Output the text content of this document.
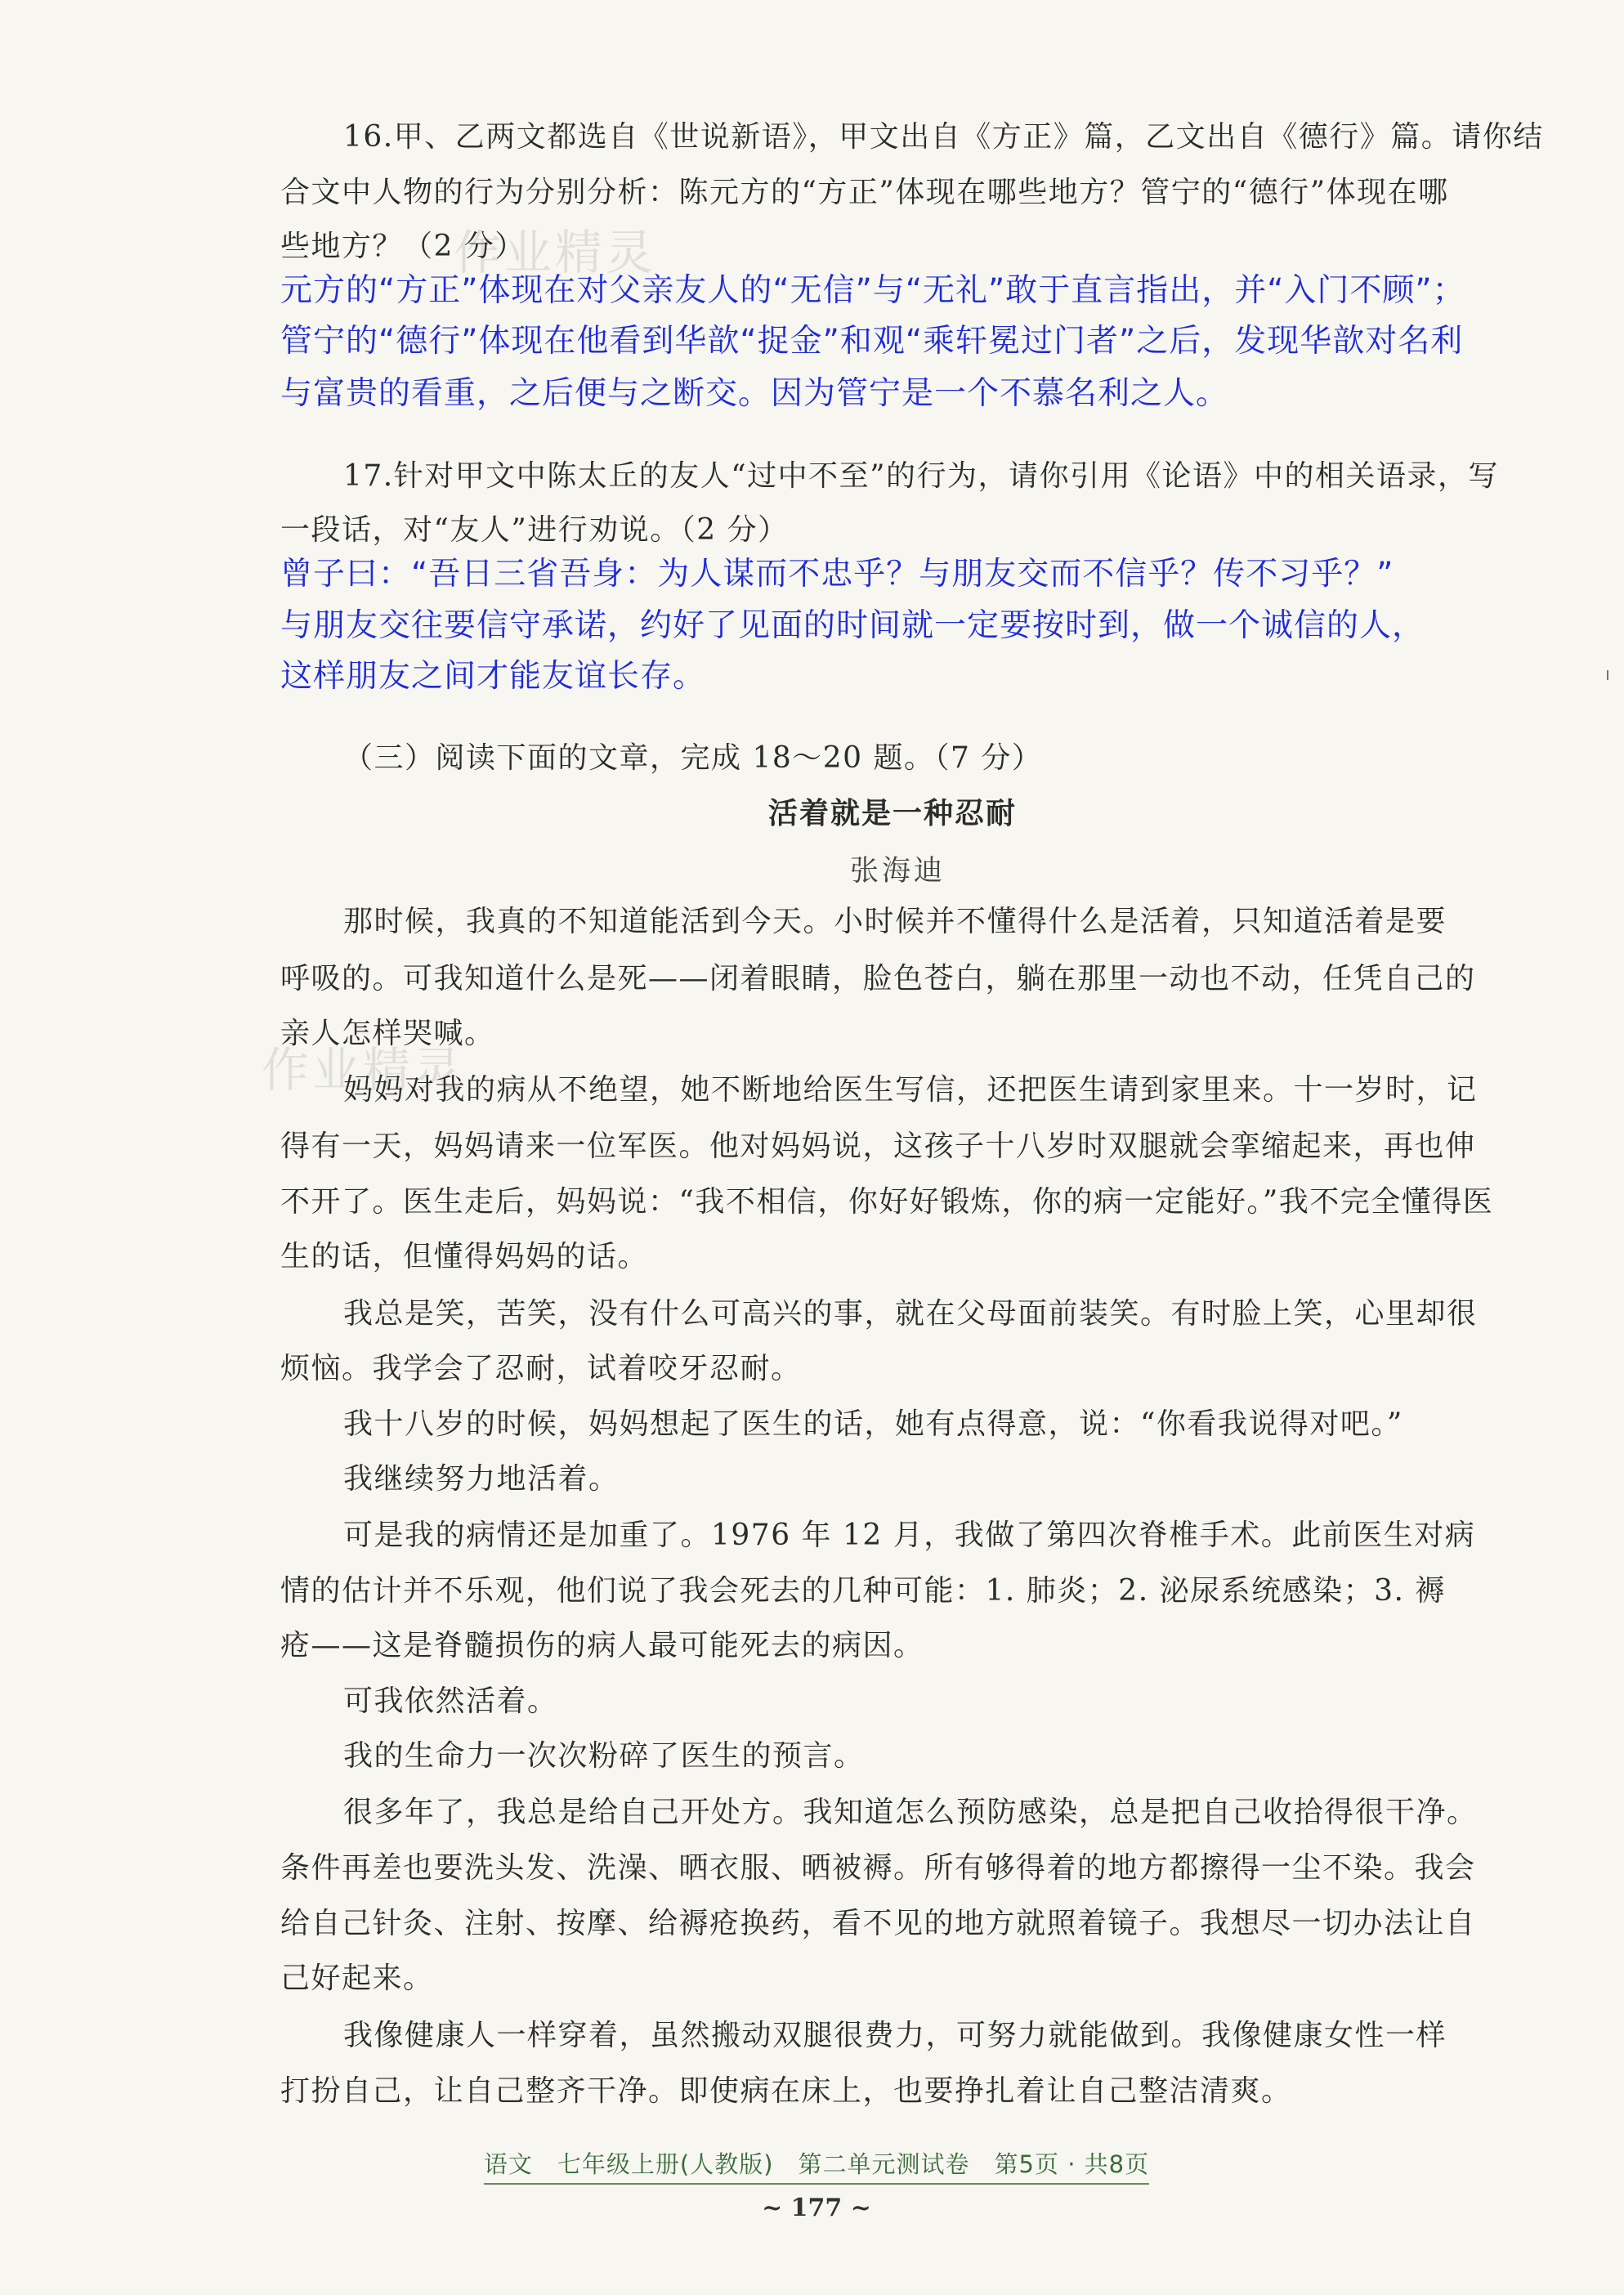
作业精灵
作业精灵
16.甲、乙两文都选自《世说新语》，甲文出自《方正》篇，乙文出自《德行》篇。请你结
合文中人物的行为分别分析：陈元方的“方正”体现在哪些地方？管宁的“德行”体现在哪
些地方？（2 分）
元方的“方正”体现在对父亲友人的“无信”与“无礼”敢于直言指出，并“入门不顾”；
管宁的“德行”体现在他看到华歆“捉金”和观“乘轩冕过门者”之后，发现华歆对名利
与富贵的看重，之后便与之断交。因为管宁是一个不慕名利之人。
17.针对甲文中陈太丘的友人“过中不至”的行为，请你引用《论语》中的相关语录，写
一段话，对“友人”进行劝说。（2 分）
曾子曰：“吾日三省吾身：为人谋而不忠乎？与朋友交而不信乎？传不习乎？”
与朋友交往要信守承诺，约好了见面的时间就一定要按时到，做一个诚信的人，
这样朋友之间才能友谊长存。
（三）阅读下面的文章，完成 18～20 题。（7 分）
活着就是一种忍耐
张海迪
那时候，我真的不知道能活到今天。小时候并不懂得什么是活着，只知道活着是要
呼吸的。可我知道什么是死——闭着眼睛，脸色苍白，躺在那里一动也不动，任凭自己的
亲人怎样哭喊。
妈妈对我的病从不绝望，她不断地给医生写信，还把医生请到家里来。十一岁时，记
得有一天，妈妈请来一位军医。他对妈妈说，这孩子十八岁时双腿就会挛缩起来，再也伸
不开了。医生走后，妈妈说：“我不相信，你好好锻炼，你的病一定能好。”我不完全懂得医
生的话，但懂得妈妈的话。
我总是笑，苦笑，没有什么可高兴的事，就在父母面前装笑。有时脸上笑，心里却很
烦恼。我学会了忍耐，试着咬牙忍耐。
我十八岁的时候，妈妈想起了医生的话，她有点得意，说：“你看我说得对吧。”
我继续努力地活着。
可是我的病情还是加重了。1976 年 12 月，我做了第四次脊椎手术。此前医生对病
情的估计并不乐观，他们说了我会死去的几种可能：1. 肺炎；2. 泌尿系统感染；3. 褥
疮——这是脊髓损伤的病人最可能死去的病因。
可我依然活着。
我的生命力一次次粉碎了医生的预言。
很多年了，我总是给自己开处方。我知道怎么预防感染，总是把自己收拾得很干净。
条件再差也要洗头发、洗澡、晒衣服、晒被褥。所有够得着的地方都擦得一尘不染。我会
给自己针灸、注射、按摩、给褥疮换药，看不见的地方就照着镜子。我想尽一切办法让自
己好起来。
我像健康人一样穿着，虽然搬动双腿很费力，可努力就能做到。我像健康女性一样
打扮自己，让自己整齐干净。即使病在床上，也要挣扎着让自己整洁清爽。
语文　七年级上册(人教版)　第二单元测试卷　第5页 · 共8页
~ 177 ~
